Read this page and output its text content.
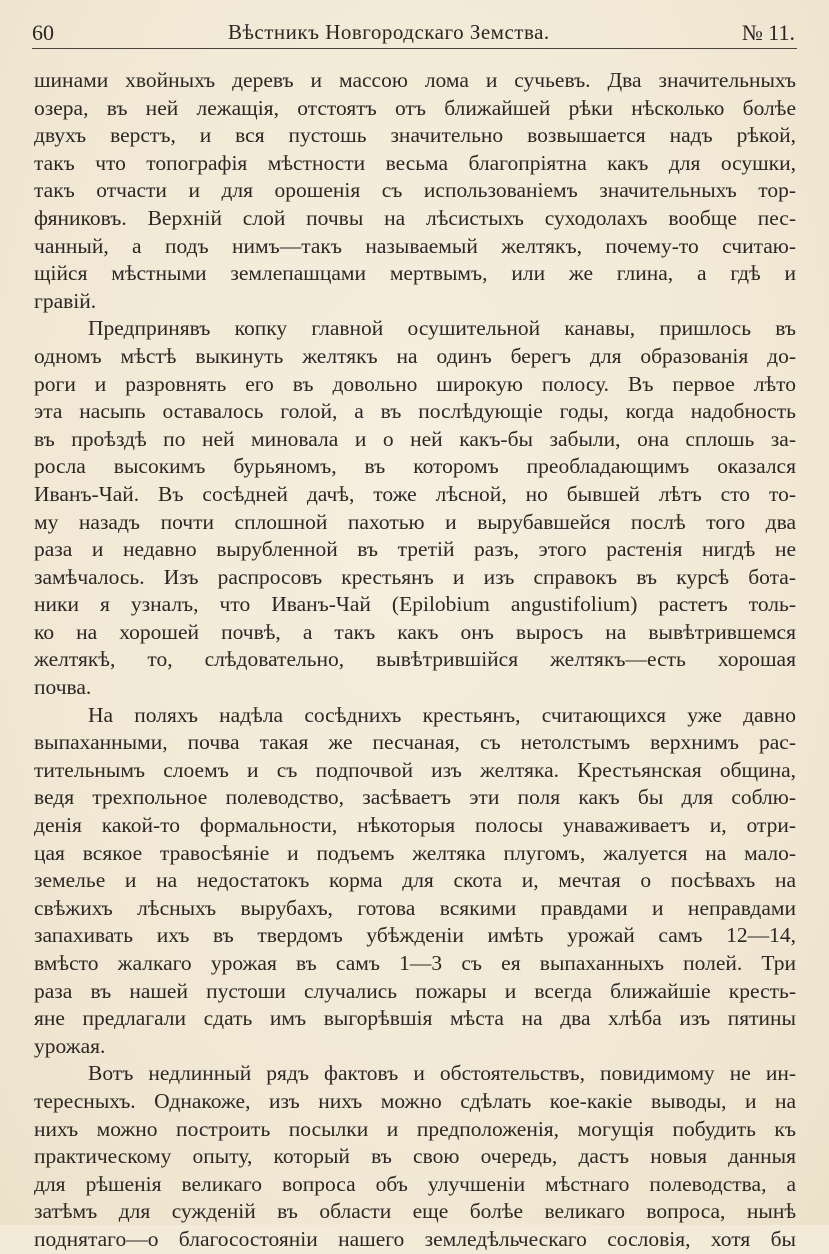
60	Вѣстникъ Новгородскаго Земства.	№ 11.
шинами хвойныхъ деревъ и массою лома и сучьевъ. Два значительныхъ
озера, въ ней лежащія, отстоятъ отъ ближайшей рѣки нѣсколько болѣе
двухъ верстъ, и вся пустошь значительно возвышается надъ рѣкой,
такъ что топографія мѣстности весьма благопріятна какъ для осушки,
такъ отчасти и для орошенія съ использованіемъ значительныхъ тор-
фяниковъ. Верхній слой почвы на лѣсистыхъ суходолахъ вообще пес-
чанный, а подъ нимъ—такъ называемый желтякъ, почему-то считаю-
щійся мѣстными землепашцами мертвымъ, или же глина, а гдѣ и
гравій.
Предпринявъ копку главной осушительной канавы, пришлось въ
одномъ мѣстѣ выкинуть желтякъ на одинъ берегъ для образованія до-
роги и разровнять его въ довольно широкую полосу. Въ первое лѣто
эта насыпь оставалось голой, а въ послѣдующіе годы, когда надобность
въ проѣздѣ по ней миновала и о ней какъ-бы забыли, она сплошь за-
росла высокимъ бурьяномъ, въ которомъ преобладающимъ оказался
Иванъ-Чай. Въ сосѣдней дачѣ, тоже лѣсной, но бывшей лѣтъ сто то-
му назадъ почти сплошной пахотью и вырубавшейся послѣ того два
раза и недавно вырубленной въ третій разъ, этого растенія нигдѣ не
замѣчалось. Изъ распросовъ крестьянъ и изъ справокъ въ курсѣ бота-
ники я узналъ, что Иванъ-Чай (Epilobium angustifolium) растетъ толь-
ко на хорошей почвѣ, а такъ какъ онъ выросъ на вывѣтрившемся
желтякѣ, то, слѣдовательно, вывѣтрившійся желтякъ—есть хорошая
почва.
На поляхъ надѣла сосѣднихъ крестьянъ, считающихся уже давно
выпаханными, почва такая же песчаная, съ нетолстымъ верхнимъ рас-
тительнымъ слоемъ и съ подпочвой изъ желтяка. Крестьянская община,
ведя трехпольное полеводство, засѣваетъ эти поля какъ бы для соблю-
денія какой-то формальности, нѣкоторыя полосы унаваживаетъ и, отри-
цая всякое травосѣяніе и подъемъ желтяка плугомъ, жалуется на мало-
земелье и на недостатокъ корма для скота и, мечтая о посѣвахъ на
свѣжихъ лѣсныхъ вырубахъ, готова всякими правдами и неправдами
запахивать ихъ въ твердомъ убѣжденіи имѣть урожай самъ 12—14,
вмѣсто жалкаго урожая въ самъ 1—3 съ ея выпаханныхъ полей. Три
раза въ нашей пустоши случались пожары и всегда ближайшіе кресть-
яне предлагали сдать имъ выгорѣвшія мѣста на два хлѣба изъ пятины
урожая.
Вотъ недлинный рядъ фактовъ и обстоятельствъ, повидимому не ин-
тересныхъ. Однакоже, изъ нихъ можно сдѣлать кое-какіе выводы, и на
нихъ можно построить посылки и предположенія, могущія побудить къ
практическому опыту, который въ свою очередь, дастъ новыя данныя
для рѣшенія великаго вопроса объ улучшеніи мѣстнаго полеводства, а
затѣмъ для сужденій въ области еще болѣе великаго вопроса, нынѣ
поднятаго—о благосостояніи нашего земледѣльческаго сословія, хотя бы
